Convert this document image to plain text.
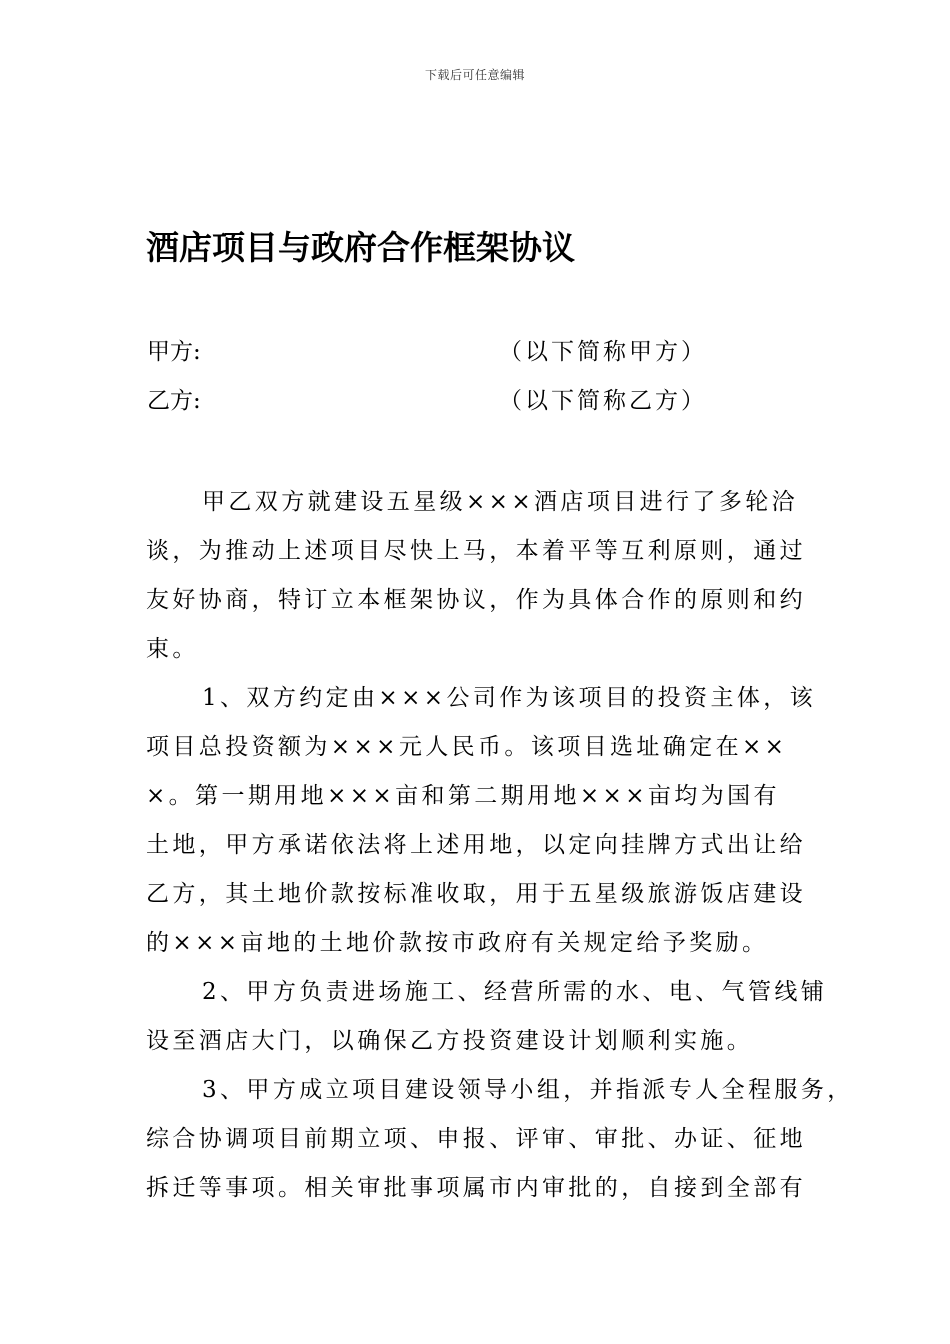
下载后可任意编辑
酒店项目与政府合作框架协议
甲方:	（以下简称甲方）
乙方:	（以下简称乙方）
甲乙双方就建设五星级×××酒店项目进行了多轮洽
谈，为推动上述项目尽快上马，本着平等互利原则，通过
友好协商，特订立本框架协议，作为具体合作的原则和约
束。
1、双方约定由×××公司作为该项目的投资主体，该
项目总投资额为×××元人民币。该项目选址确定在××
×。第一期用地×××亩和第二期用地×××亩均为国有
土地，甲方承诺依法将上述用地，以定向挂牌方式出让给
乙方，其土地价款按标准收取，用于五星级旅游饭店建设
的×××亩地的土地价款按市政府有关规定给予奖励。
2、甲方负责进场施工、经营所需的水、电、气管线铺
设至酒店大门，以确保乙方投资建设计划顺利实施。
3、甲方成立项目建设领导小组，并指派专人全程服务，
综合协调项目前期立项、申报、评审、审批、办证、征地
拆迁等事项。相关审批事项属市内审批的，自接到全部有
